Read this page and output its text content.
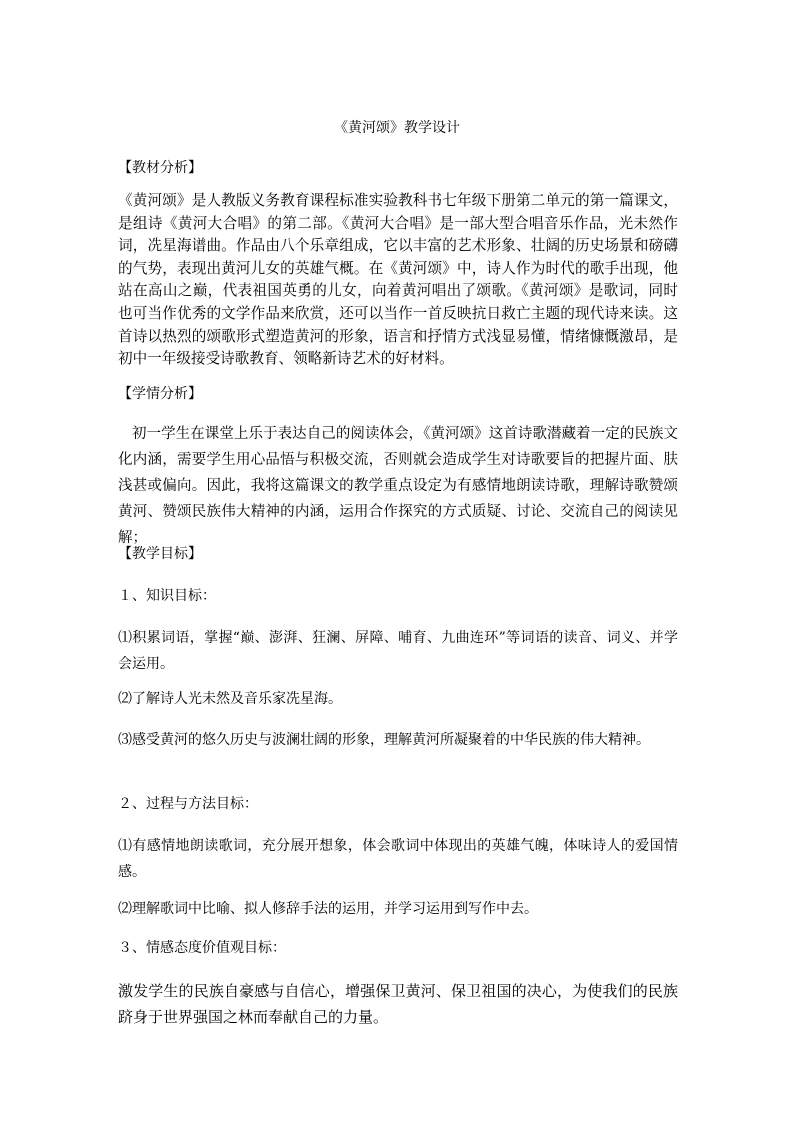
《黄河颂》教学设计
【教材分析】
《黄河颂》是人教版义务教育课程标准实验教科书七年级下册第二单元的第一篇课文，是组诗《黄河大合唱》的第二部。《黄河大合唱》是一部大型合唱音乐作品，光未然作词，冼星海谱曲。作品由八个乐章组成，它以丰富的艺术形象、壮阔的历史场景和磅礴的气势，表现出黄河儿女的英雄气概。在《黄河颂》中，诗人作为时代的歌手出现，他站在高山之巅，代表祖国英勇的儿女，向着黄河唱出了颂歌。《黄河颂》是歌词，同时也可当作优秀的文学作品来欣赏，还可以当作一首反映抗日救亡主题的现代诗来读。这首诗以热烈的颂歌形式塑造黄河的形象，语言和抒情方式浅显易懂，情绪慷慨激昂，是初中一年级接受诗歌教育、领略新诗艺术的好材料。
【学情分析】
初一学生在课堂上乐于表达自己的阅读体会，《黄河颂》这首诗歌潜藏着一定的民族文化内涵，需要学生用心品悟与积极交流，否则就会造成学生对诗歌要旨的把握片面、肤浅甚或偏向。因此，我将这篇课文的教学重点设定为有感情地朗读诗歌，理解诗歌赞颂黄河、赞颂民族伟大精神的内涵，运用合作探究的方式质疑、讨论、交流自己的阅读见解；
【教学目标】
１、知识目标：
⑴积累词语，掌握“巅、澎湃、狂澜、屏障、哺育、九曲连环”等词语的读音、词义、并学会运用。
⑵了解诗人光未然及音乐家冼星海。
⑶感受黄河的悠久历史与波澜壮阔的形象，理解黄河所凝聚着的中华民族的伟大精神。
２、过程与方法目标：
⑴有感情地朗读歌词，充分展开想象，体会歌词中体现出的英雄气魄，体味诗人的爱国情感。
⑵理解歌词中比喻、拟人修辞手法的运用，并学习运用到写作中去。
３、情感态度价值观目标：
激发学生的民族自豪感与自信心，增强保卫黄河、保卫祖国的决心，为使我们的民族跻身于世界强国之林而奉献自己的力量。
